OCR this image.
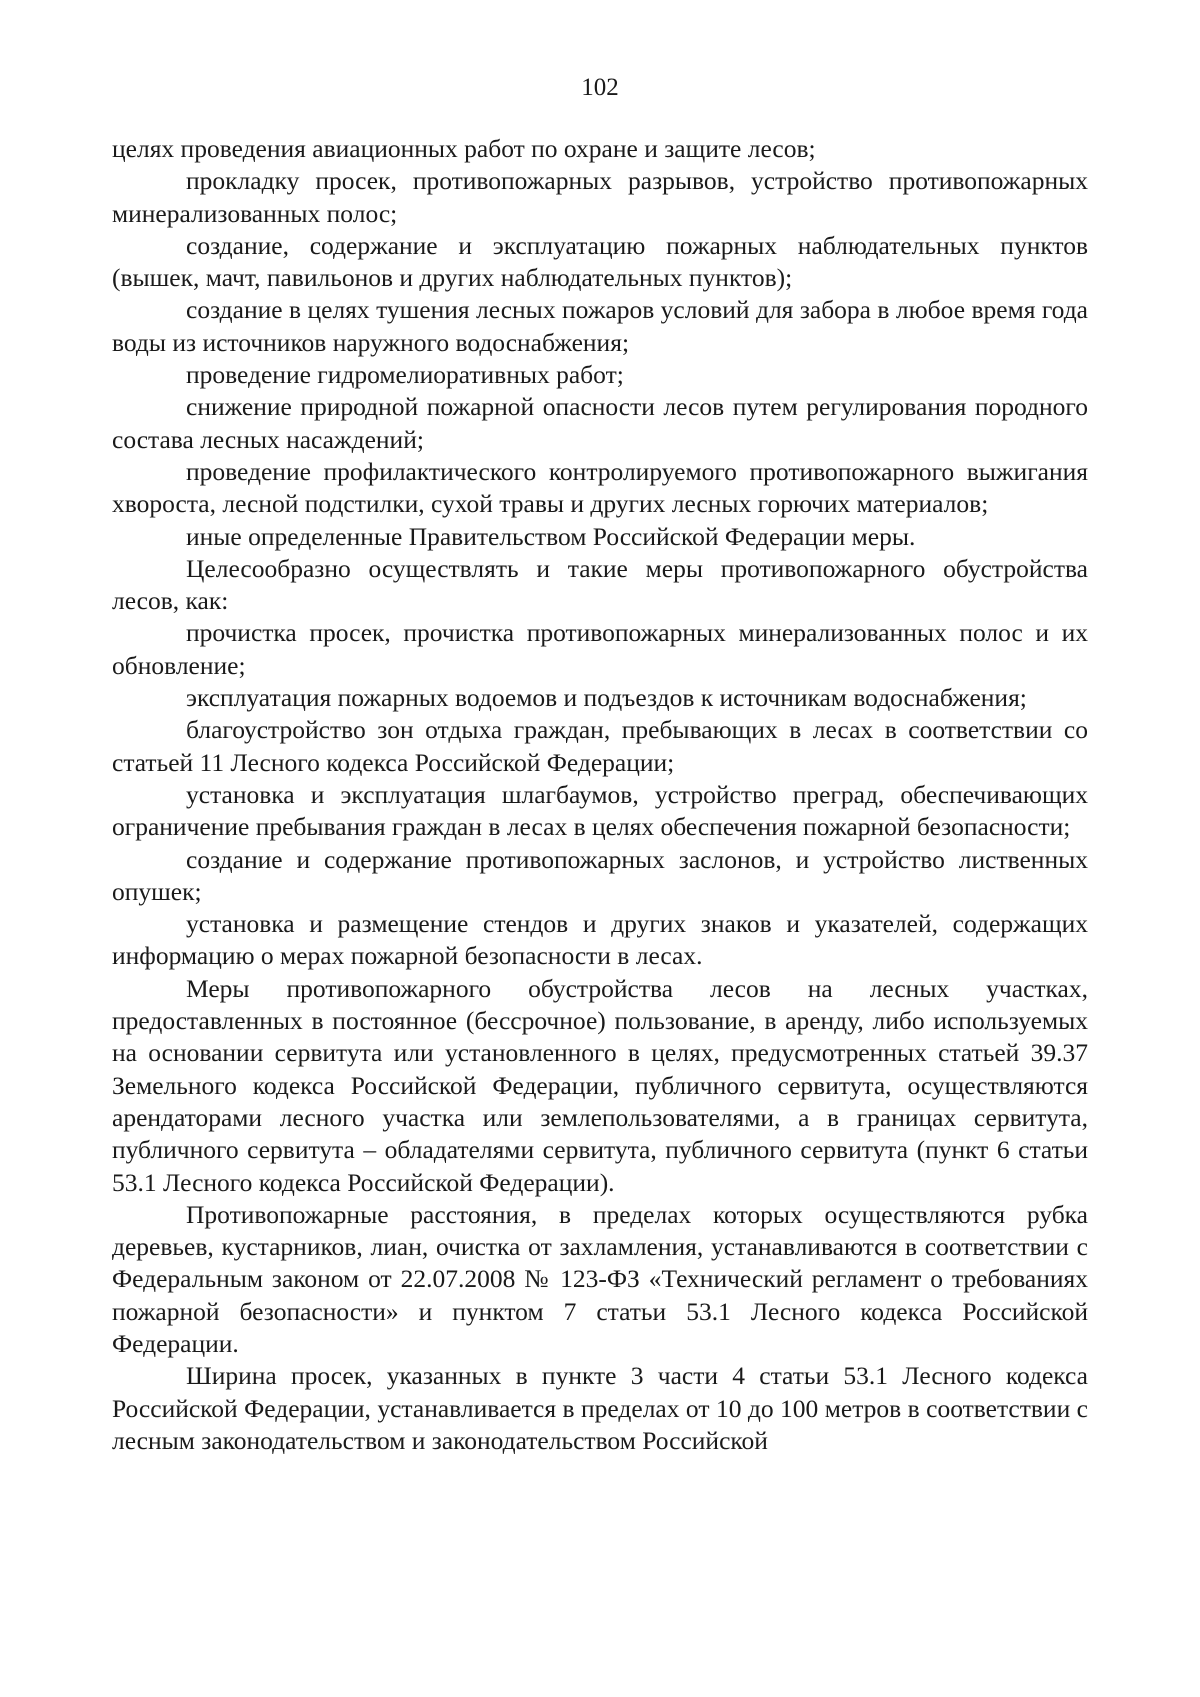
102

целях проведения авиационных работ по охране и защите лесов;

прокладку просек, противопожарных разрывов, устройство противопожарных минерализованных полос;

создание, содержание и эксплуатацию пожарных наблюдательных пунктов (вышек, мачт, павильонов и других наблюдательных пунктов);

создание в целях тушения лесных пожаров условий для забора в любое время года воды из источников наружного водоснабжения;

проведение гидромелиоративных работ;

снижение природной пожарной опасности лесов путем регулирования породного состава лесных насаждений;

проведение профилактического контролируемого противопожарного выжигания хвороста, лесной подстилки, сухой травы и других лесных горючих материалов;

иные определенные Правительством Российской Федерации меры.

Целесообразно осуществлять и такие меры противопожарного обустройства лесов, как:

прочистка просек, прочистка противопожарных минерализованных полос и их обновление;

эксплуатация пожарных водоемов и подъездов к источникам водоснабжения;

благоустройство зон отдыха граждан, пребывающих в лесах в соответствии со статьей 11 Лесного кодекса Российской Федерации;

установка и эксплуатация шлагбаумов, устройство преград, обеспечивающих ограничение пребывания граждан в лесах в целях обеспечения пожарной безопасности;

создание и содержание противопожарных заслонов, и устройство лиственных опушек;

установка и размещение стендов и других знаков и указателей, содержащих информацию о мерах пожарной безопасности в лесах.

Меры противопожарного обустройства лесов на лесных участках, предоставленных в постоянное (бессрочное) пользование, в аренду, либо используемых на основании сервитута или установленного в целях, предусмотренных статьей 39.37 Земельного кодекса Российской Федерации, публичного сервитута, осуществляются арендаторами лесного участка или землепользователями, а в границах сервитута, публичного сервитута – обладателями сервитута, публичного сервитута (пункт 6 статьи 53.1 Лесного кодекса Российской Федерации).

Противопожарные расстояния, в пределах которых осуществляются рубка деревьев, кустарников, лиан, очистка от захламления, устанавливаются в соответствии с Федеральным законом от 22.07.2008 № 123-ФЗ «Технический регламент о требованиях пожарной безопасности» и пунктом 7 статьи 53.1 Лесного кодекса Российской Федерации.

Ширина просек, указанных в пункте 3 части 4 статьи 53.1 Лесного кодекса Российской Федерации, устанавливается в пределах от 10 до 100 метров в соответствии с лесным законодательством и законодательством Российской
